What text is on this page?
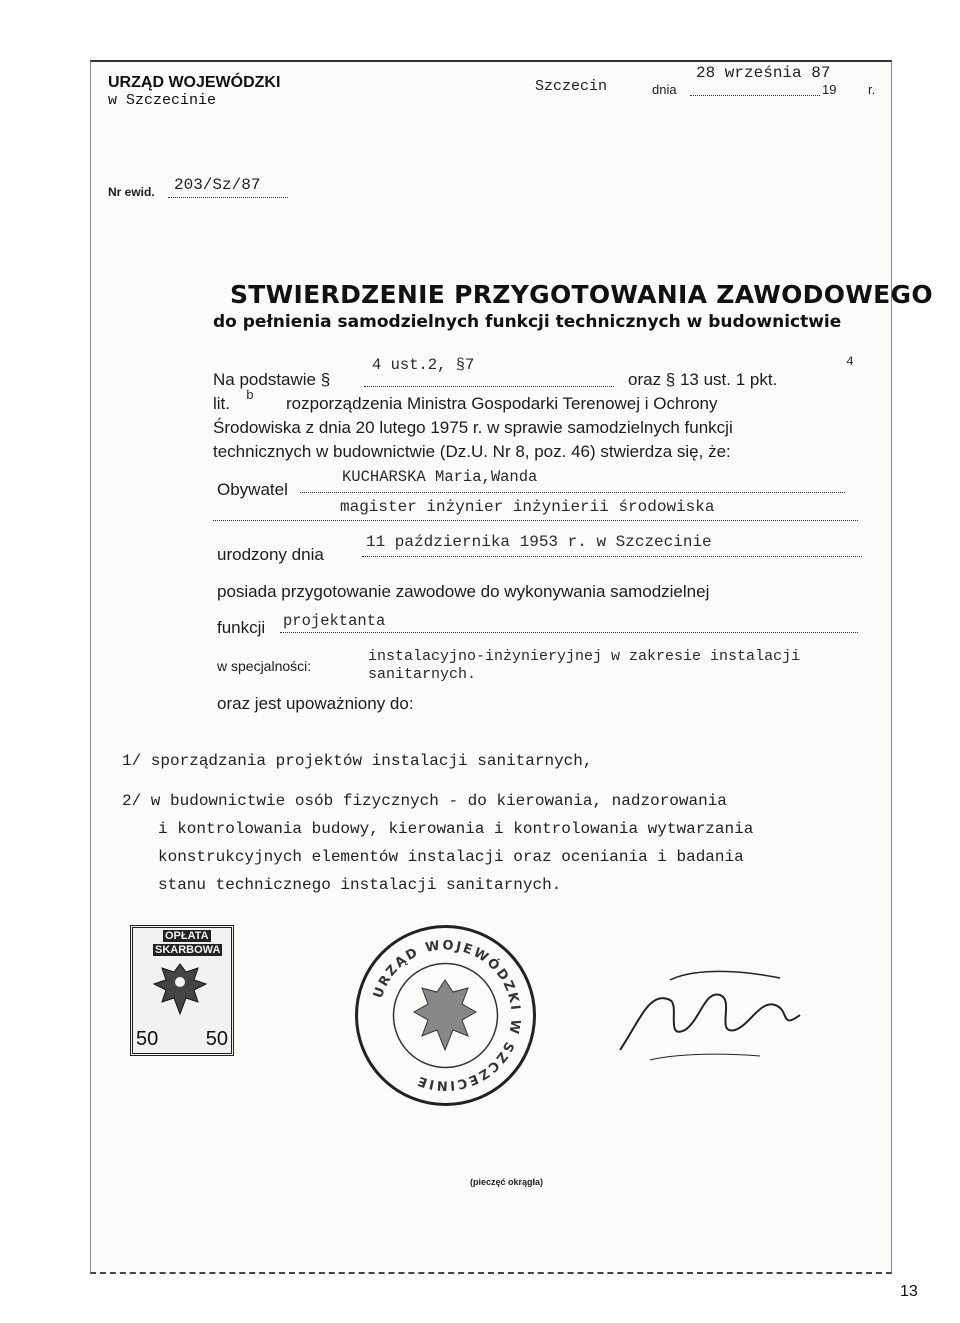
URZĄD WOJEWÓDZKI
w Szczecinie
Szczecin	dnia
28 września 87
19 r.
Nr ewid. 203/Sz/87
STWIERDZENIE PRZYGOTOWANIA ZAWODOWEGO
do pełnienia samodzielnych funkcji technicznych w budownictwie
Na podstawie §
4 ust.2, §7
oraz § 13 ust. 1 pkt.
4
lit. b rozporządzenia Ministra Gospodarki Terenowej i Ochrony
Środowiska z dnia 20 lutego 1975 r. w sprawie samodzielnych funkcji
technicznych w budownictwie (Dz.U. Nr 8, poz. 46) stwierdza się, że:
Obywatel
KUCHARSKA Maria,Wanda
magister inżynier inżynierii środowiska
urodzony dnia
11 października 1953 r. w Szczecinie
posiada przygotowanie zawodowe do wykonywania samodzielnej
funkcji projektanta
w specjalności:
instalacyjno-inżynieryjnej w zakresie instalacji
sanitarnych.
oraz jest upoważniony do:
1/ sporządzania projektów instalacji sanitarnych,
2/ w budownictwie osób fizycznych - do kierowania, nadzorowania
i kontrolowania budowy, kierowania i kontrolowania wytwarzania
konstrukcyjnych elementów instalacji oraz oceniania i badania
stanu technicznego instalacji sanitarnych.
OPŁATA
SKARBOWA
50 50
URZĄD WOJEWÓDZKI W SZCZECINIE
(pieczęć okrągła)
13
